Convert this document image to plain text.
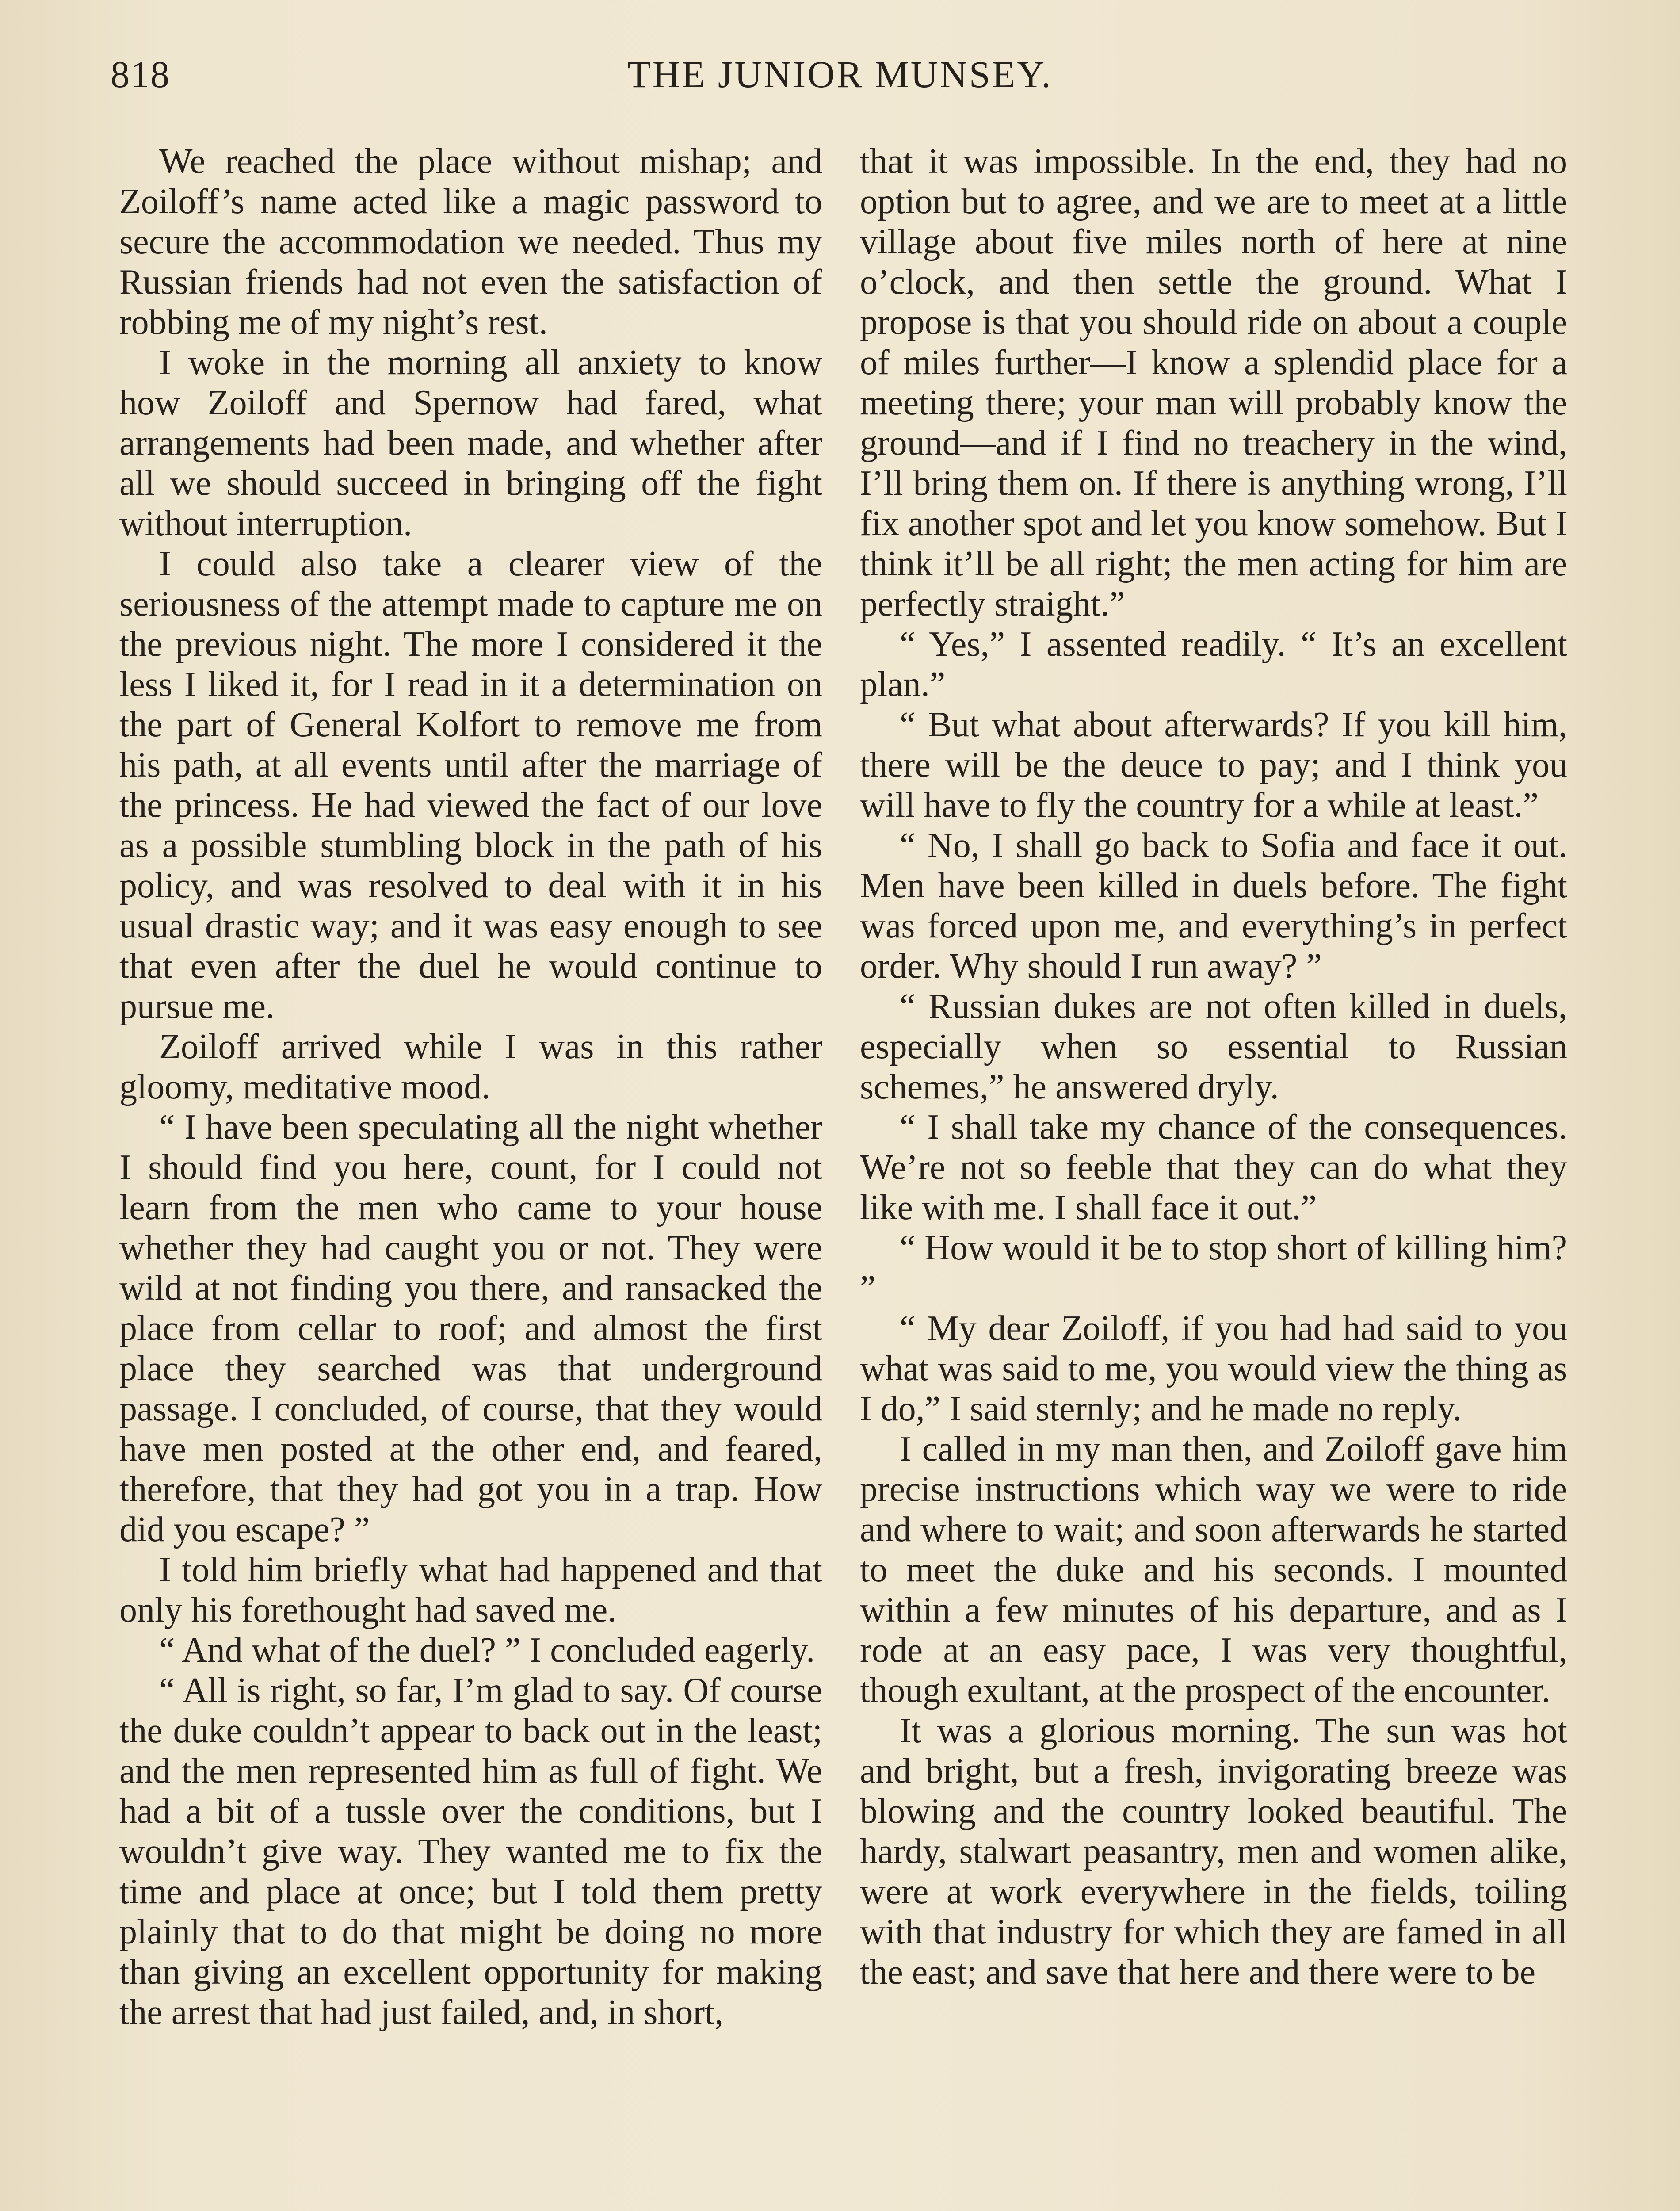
818	THE JUNIOR MUNSEY.

We reached the place without mishap; and Zoiloff’s name acted like a magic password to secure the accommodation we needed. Thus my Russian friends had not even the satisfaction of robbing me of my night’s rest.

I woke in the morning all anxiety to know how Zoiloff and Spernow had fared, what arrangements had been made, and whether after all we should succeed in bringing off the fight without interruption.

I could also take a clearer view of the seriousness of the attempt made to capture me on the previous night. The more I considered it the less I liked it, for I read in it a determination on the part of General Kolfort to remove me from his path, at all events until after the marriage of the princess. He had viewed the fact of our love as a possible stumbling block in the path of his policy, and was resolved to deal with it in his usual drastic way; and it was easy enough to see that even after the duel he would continue to pursue me.

Zoiloff arrived while I was in this rather gloomy, meditative mood.

“ I have been speculating all the night whether I should find you here, count, for I could not learn from the men who came to your house whether they had caught you or not. They were wild at not finding you there, and ransacked the place from cellar to roof; and almost the first place they searched was that underground passage. I concluded, of course, that they would have men posted at the other end, and feared, therefore, that they had got you in a trap. How did you escape? ”

I told him briefly what had happened and that only his forethought had saved me.

“ And what of the duel? ” I concluded eagerly.

“ All is right, so far, I’m glad to say. Of course the duke couldn’t appear to back out in the least; and the men represented him as full of fight. We had a bit of a tussle over the conditions, but I wouldn’t give way. They wanted me to fix the time and place at once; but I told them pretty plainly that to do that might be doing no more than giving an excellent opportunity for making the arrest that had just failed, and, in short,

that it was impossible. In the end, they had no option but to agree, and we are to meet at a little village about five miles north of here at nine o’clock, and then settle the ground. What I propose is that you should ride on about a couple of miles further—I know a splendid place for a meeting there; your man will probably know the ground—and if I find no treachery in the wind, I’ll bring them on. If there is anything wrong, I’ll fix another spot and let you know somehow. But I think it’ll be all right; the men acting for him are perfectly straight.”

“ Yes,” I assented readily. “ It’s an excellent plan.”

“ But what about afterwards? If you kill him, there will be the deuce to pay; and I think you will have to fly the country for a while at least.”

“ No, I shall go back to Sofia and face it out. Men have been killed in duels before. The fight was forced upon me, and everything’s in perfect order. Why should I run away? ”

“ Russian dukes are not often killed in duels, especially when so essential to Russian schemes,” he answered dryly.

“ I shall take my chance of the consequences. We’re not so feeble that they can do what they like with me. I shall face it out.”

“ How would it be to stop short of killing him? ”

“ My dear Zoiloff, if you had had said to you what was said to me, you would view the thing as I do,” I said sternly; and he made no reply.

I called in my man then, and Zoiloff gave him precise instructions which way we were to ride and where to wait; and soon afterwards he started to meet the duke and his seconds. I mounted within a few minutes of his departure, and as I rode at an easy pace, I was very thoughtful, though exultant, at the prospect of the encounter.

It was a glorious morning. The sun was hot and bright, but a fresh, invigorating breeze was blowing and the country looked beautiful. The hardy, stalwart peasantry, men and women alike, were at work everywhere in the fields, toiling with that industry for which they are famed in all the east; and save that here and there were to be
